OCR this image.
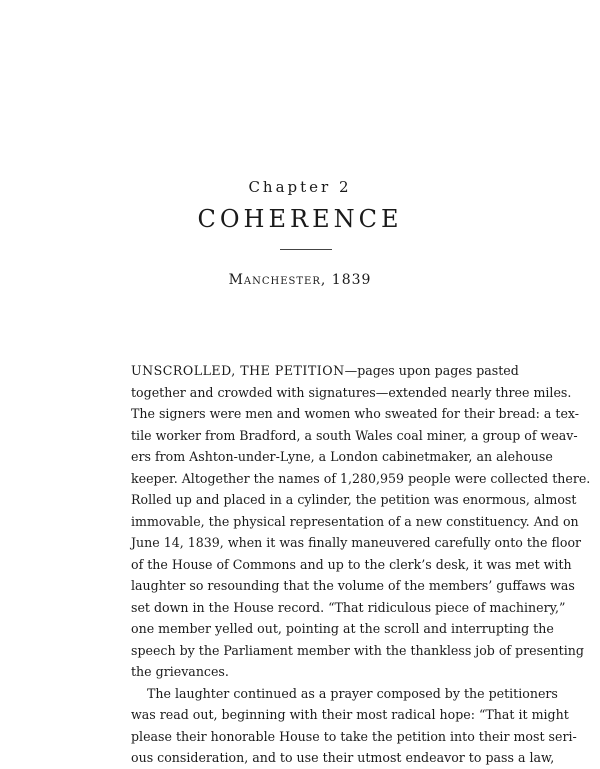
Chapter 2
COHERENCE
Manchester, 1839
UNSCROLLED, THE PETITION—pages upon pages pasted
together and crowded with signatures—extended nearly three miles.
The signers were men and women who sweated for their bread: a tex-
tile worker from Bradford, a south Wales coal miner, a group of weav-
ers from Ashton-under-Lyne, a London cabinetmaker, an alehouse
keeper. Altogether the names of 1,280,959 people were collected there.
Rolled up and placed in a cylinder, the petition was enormous, almost
immovable, the physical representation of a new constituency. And on
June 14, 1839, when it was finally maneuvered carefully onto the floor
of the House of Commons and up to the clerk’s desk, it was met with
laughter so resounding that the volume of the members’ guffaws was
set down in the House record. “That ridiculous piece of machinery,”
one member yelled out, pointing at the scroll and interrupting the
speech by the Parliament member with the thankless job of presenting
the grievances.
The laughter continued as a prayer composed by the petitioners
was read out, beginning with their most radical hope: “That it might
please their honorable House to take the petition into their most seri-
ous consideration, and to use their utmost endeavor to pass a law,
